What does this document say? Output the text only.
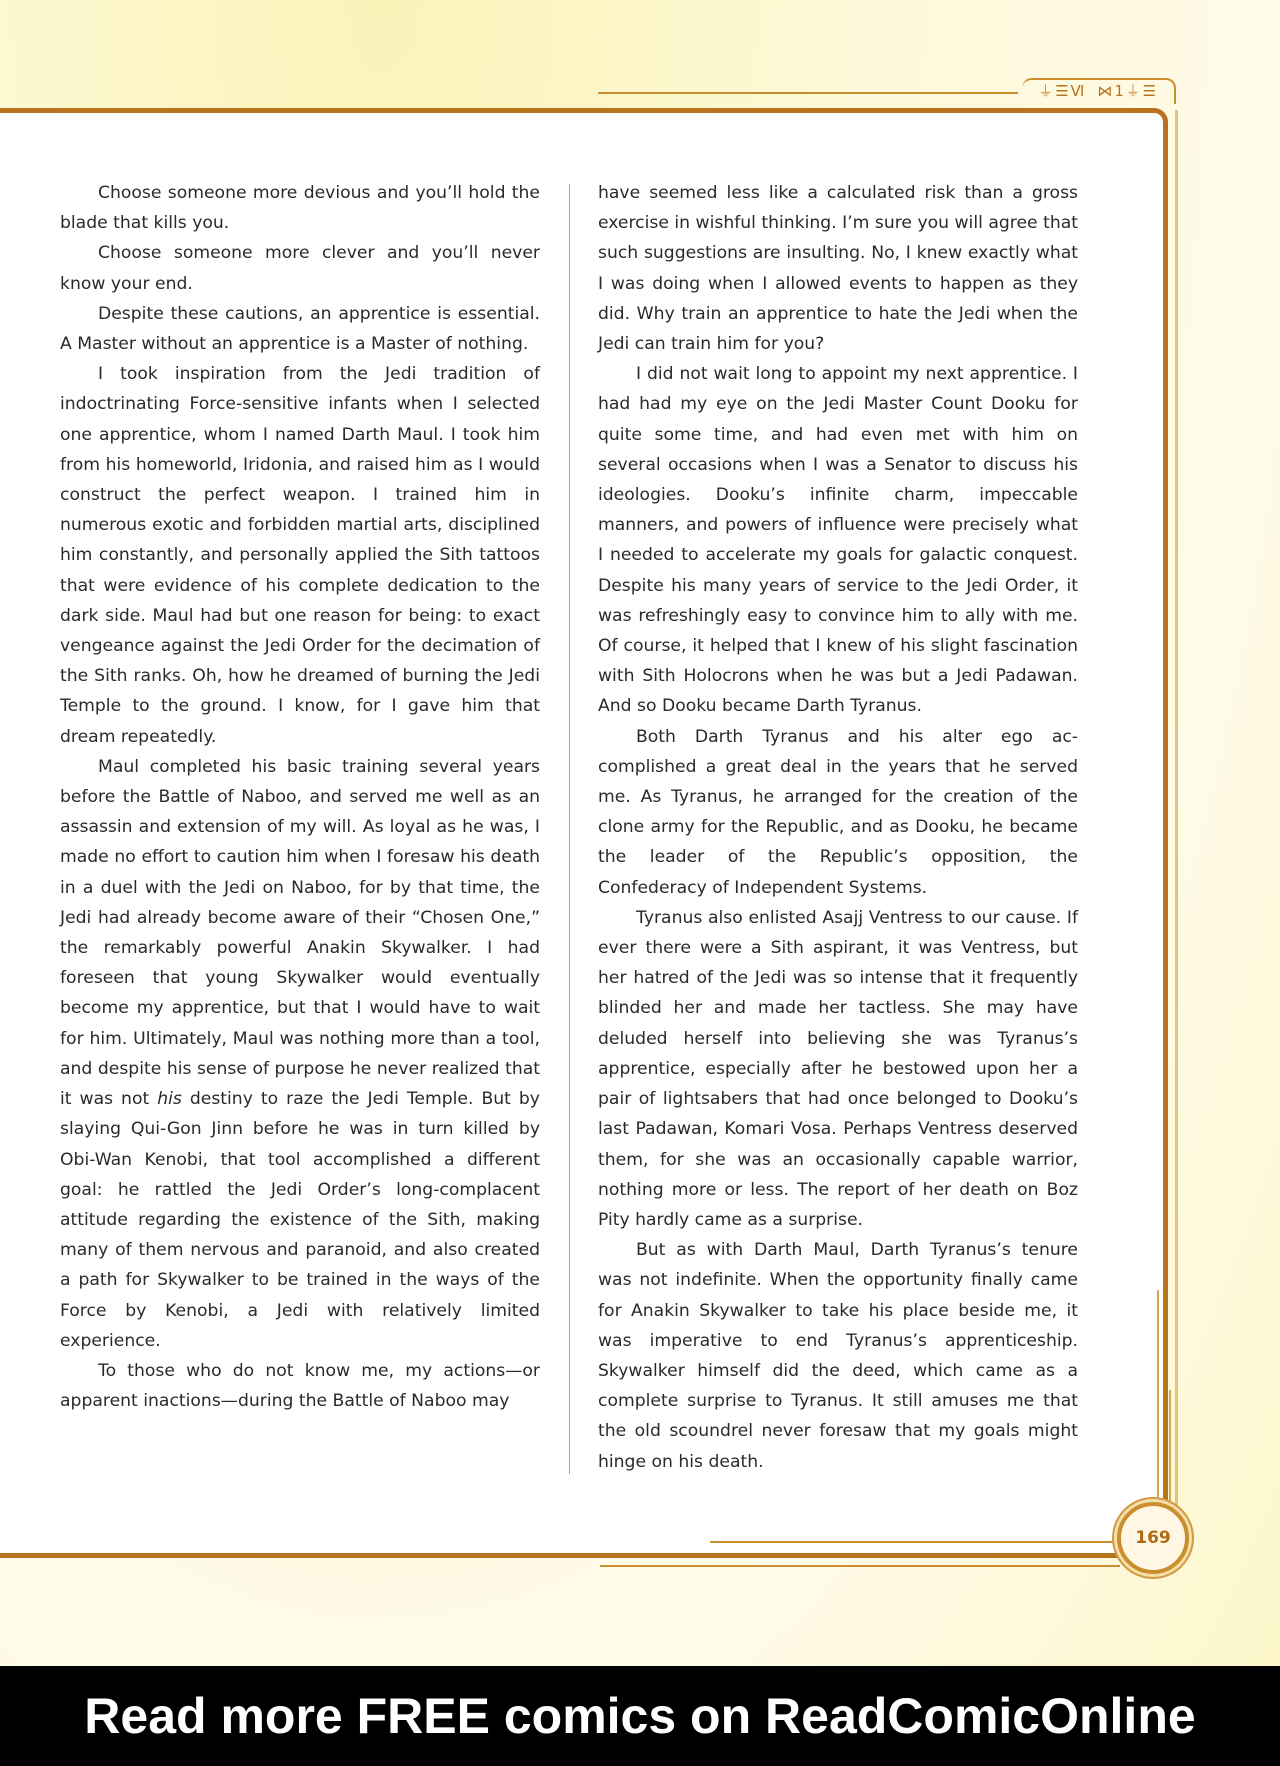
⏚☰Ⅵ ⋈1⏚☰
169

Choose someone more devious and you’ll hold the blade that kills you.

Choose someone more clever and you’ll never know your end.

Despite these cautions, an apprentice is essential. A Master without an apprentice is a Master of nothing.

I took inspiration from the Jedi tradition of indoctrinating Force-sensitive infants when I selected one apprentice, whom I named Darth Maul. I took him from his homeworld, Iridonia, and raised him as I would construct the perfect weapon. I trained him in numerous exotic and forbidden martial arts, disciplined him constantly, and personally applied the Sith tattoos that were evidence of his complete dedication to the dark side. Maul had but one reason for being: to exact vengeance against the Jedi Order for the decimation of the Sith ranks. Oh, how he dreamed of burning the Jedi Temple to the ground. I know, for I gave him that dream repeatedly.

Maul completed his basic training several years before the Battle of Naboo, and served me well as an assassin and extension of my will. As loyal as he was, I made no effort to caution him when I foresaw his death in a duel with the Jedi on Naboo, for by that time, the Jedi had already become aware of their “Chosen One,” the remarkably powerful Anakin Skywalker. I had foreseen that young Skywalker would eventually become my apprentice, but that I would have to wait for him. Ultimately, Maul was nothing more than a tool, and despite his sense of purpose he never realized that it was not his destiny to raze the Jedi Temple. But by slaying Qui-Gon Jinn before he was in turn killed by Obi-Wan Kenobi, that tool accomplished a different goal: he rattled the Jedi Order’s long-complacent attitude regarding the existence of the Sith, making many of them nervous and paranoid, and also created a path for Skywalker to be trained in the ways of the Force by Kenobi, a Jedi with relatively limited experience.

To those who do not know me, my actions—or apparent inactions—during the Battle of Naboo may

have seemed less like a calculated risk than a gross exercise in wishful thinking. I’m sure you will agree that such suggestions are insulting. No, I knew exactly what I was doing when I allowed events to happen as they did. Why train an apprentice to hate the Jedi when the Jedi can train him for you?

I did not wait long to appoint my next apprentice. I had had my eye on the Jedi Master Count Dooku for quite some time, and had even met with him on several occasions when I was a Senator to discuss his ideologies. Dooku’s infinite charm, impeccable manners, and powers of influence were precisely what I needed to accelerate my goals for galactic conquest. Despite his many years of service to the Jedi Order, it was refreshingly easy to convince him to ally with me. Of course, it helped that I knew of his slight fascination with Sith Holocrons when he was but a Jedi Padawan. And so Dooku became Darth Tyranus.

Both Darth Tyranus and his alter ego ac-complished a great deal in the years that he served me. As Tyranus, he arranged for the creation of the clone army for the Republic, and as Dooku, he became the leader of the Republic’s opposition, the Confederacy of Independent Systems.

Tyranus also enlisted Asajj Ventress to our cause. If ever there were a Sith aspirant, it was Ventress, but her hatred of the Jedi was so intense that it frequently blinded her and made her tactless. She may have deluded herself into believing she was Tyranus’s apprentice, especially after he bestowed upon her a pair of lightsabers that had once belonged to Dooku’s last Padawan, Komari Vosa. Perhaps Ventress deserved them, for she was an occasionally capable warrior, nothing more or less. The report of her death on Boz Pity hardly came as a surprise.

But as with Darth Maul, Darth Tyranus’s tenure was not indefinite. When the opportunity finally came for Anakin Skywalker to take his place beside me, it was imperative to end Tyranus’s apprenticeship. Skywalker himself did the deed, which came as a complete surprise to Tyranus. It still amuses me that the old scoundrel never foresaw that my goals might hinge on his death.

Read more FREE comics on ReadComicOnline
